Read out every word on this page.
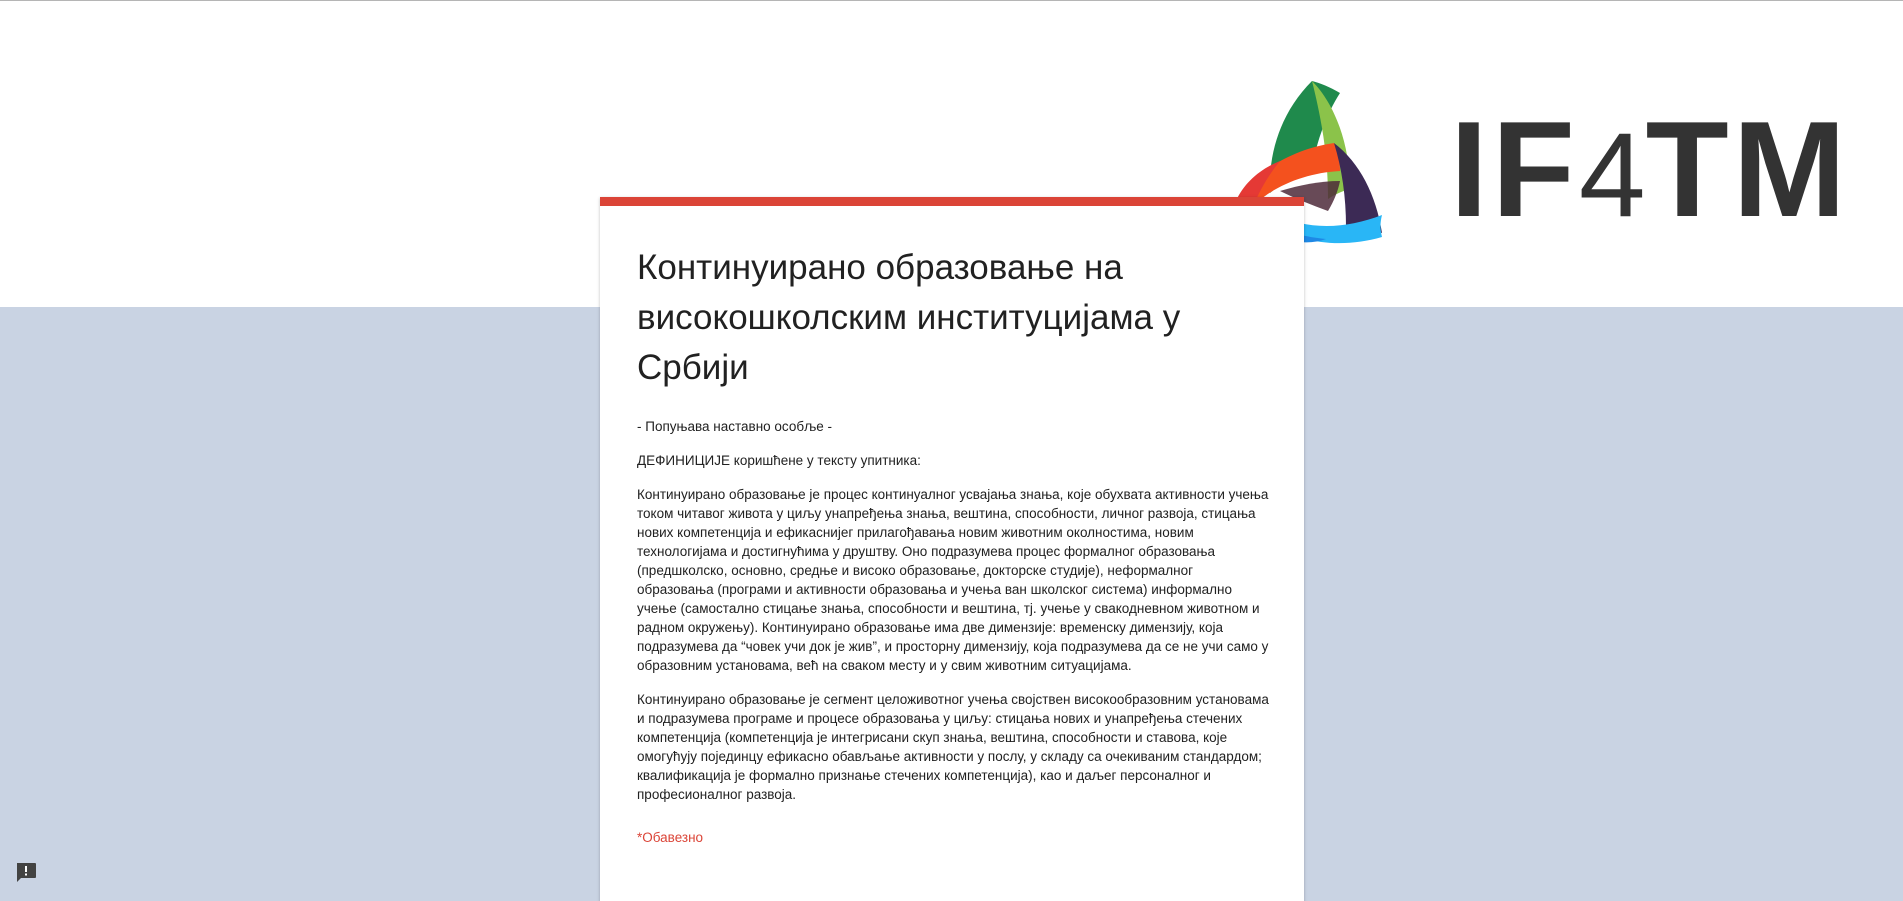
IF4TM
Континуирано образовање на високошколским институцијама у Србији

- Попуњава наставно особље -

ДЕФИНИЦИЈЕ коришћене у тексту упитника:

Континуирано образовање је процес континуалног усвајања знања, које обухвата активности учења током читавог живота у циљу унапређења знања, вештина, способности, личног развоја, стицања нових компетенција и ефикаснијег прилагођавања новим животним околностима, новим технологијама и достигнућима у друштву. Оно подразумева процес формалног образовања (предшколско, основно, средње и високо образовање, докторске студије), неформалног образовања (програми и активности образовања и учења ван школског система) информално учење (самостално стицање знања, способности и вештина, тј. учење у свакодневном животном и радном окружењу). Континуирано образовање има две димензије: временску димензију, која подразумева да “човек учи док је жив”, и просторну димензију, која подразумева да се не учи само у образовним установама, већ на сваком месту и у свим животним ситуацијама.

Континуирано образовање је сегмент целоживотног учења својствен високообразовним установама и подразумева програме и процесе образовања у циљу: стицања нових и унапређења стечених компетенција (компетенција је интегрисани скуп знања, вештина, способности и ставова, које омогућују појединцу ефикасно обављање активности у послу, у складу са очекиваним стандардом; квалификација је формално признање стечених компетенција), као и даљег персоналног и професионалног развоја.

*Обавезно
